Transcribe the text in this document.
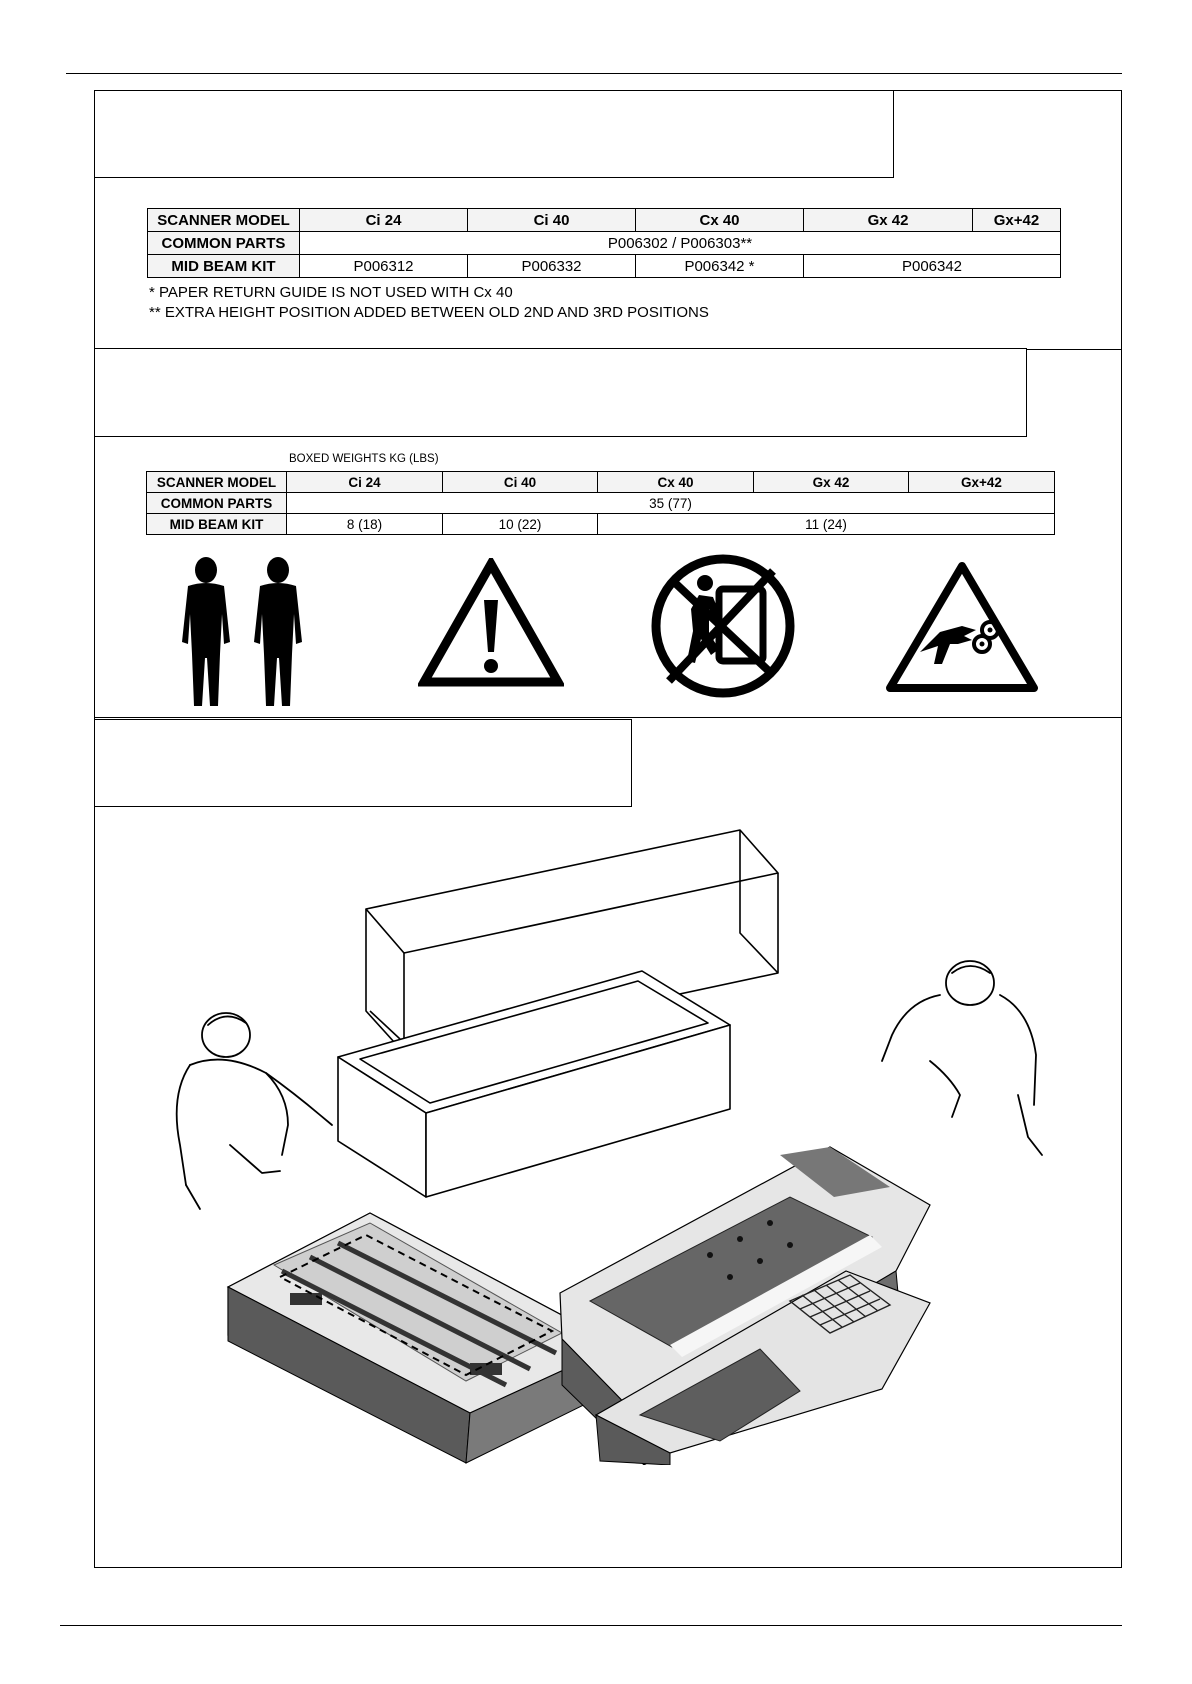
SCANNER MODEL	Ci 24	Ci 40	Cx 40	Gx 42	Gx+42
COMMON PARTS	P006302 / P006303**				
MID BEAM KIT	P006312	P006332	P006342 *	P006342	
* PAPER RETURN GUIDE IS NOT USED WITH Cx 40
** EXTRA HEIGHT POSITION ADDED BETWEEN OLD 2ND AND 3RD POSITIONS
BOXED WEIGHTS KG (LBS)
SCANNER MODEL	Ci 24	Ci 40	Cx 40	Gx 42	Gx+42
COMMON PARTS	35 (77)				
MID BEAM KIT	8 (18)	10 (22)	11 (24)		
